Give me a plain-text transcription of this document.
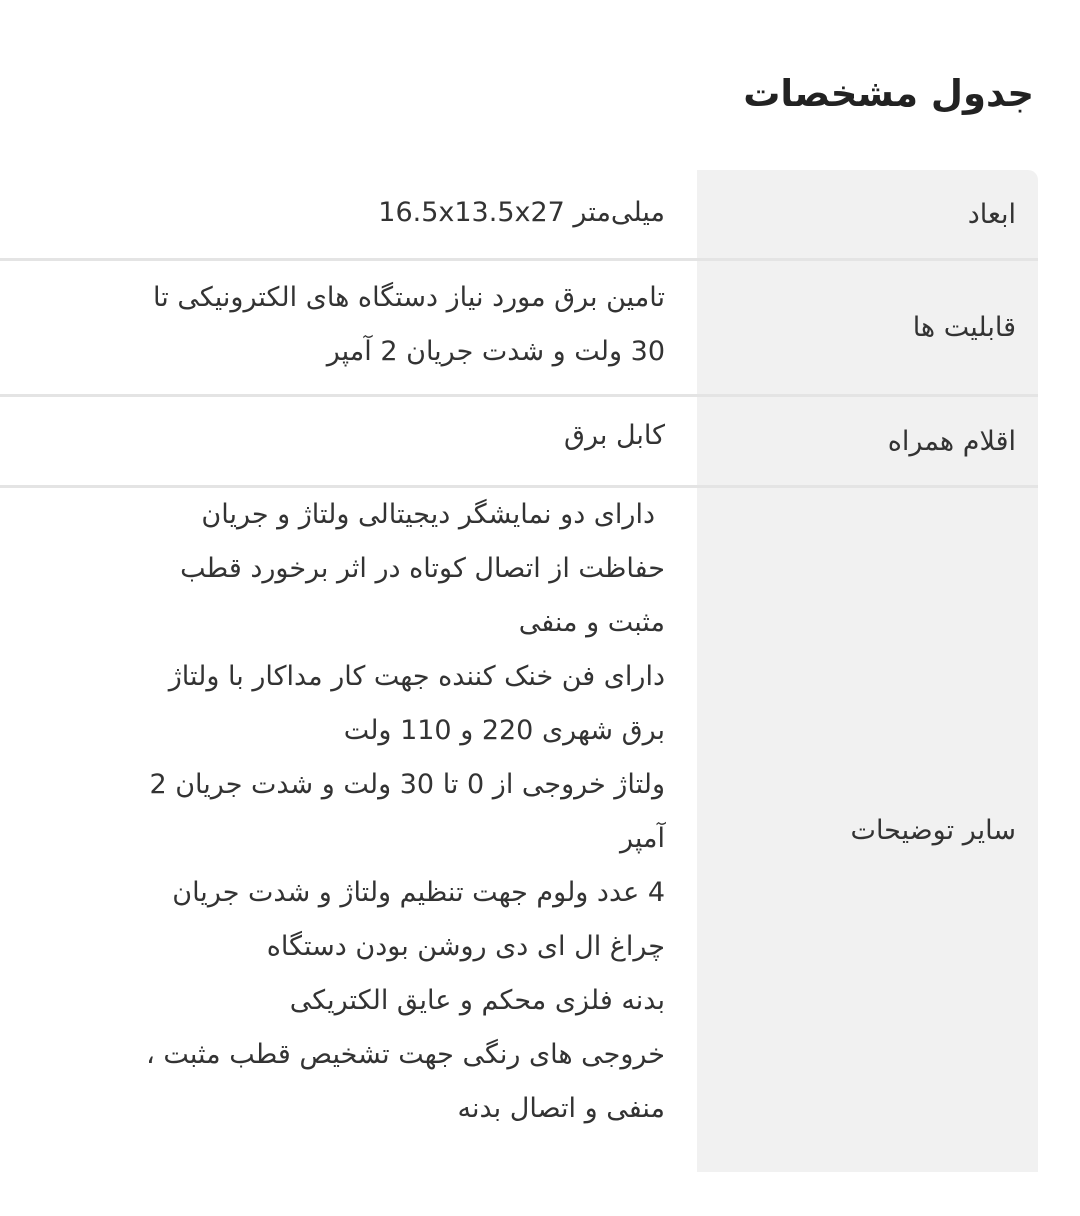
جدول مشخصات
ابعاد
میلی‌متر 16.5x13.5x27
قابلیت ها
تامین برق مورد نیاز دستگاه های الکترونیکی تا
30 ولت و شدت جریان 2 آمپر
اقلام همراه
کابل برق
سایر توضیحات
دارای دو نمایشگر دیجیتالی ولتاژ و جریان
حفاظت از اتصال کوتاه در اثر برخورد قطب
مثبت و منفی
دارای فن خنک کننده جهت کار مداکار با ولتاژ
برق شهری 220 و 110 ولت
ولتاژ خروجی از 0 تا 30 ولت و شدت جریان 2
آمپر
4 عدد ولوم جهت تنظیم ولتاژ و شدت جریان
چراغ ال ای دی روشن بودن دستگاه
بدنه فلزی محکم و عایق الکتریکی
خروجی های رنگی جهت تشخیص قطب مثبت ،
منفی و اتصال بدنه
